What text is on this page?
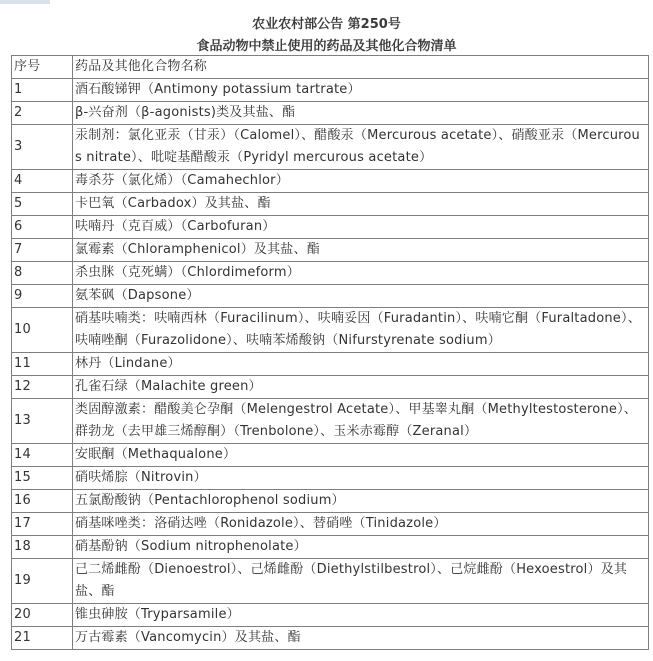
农业农村部公告 第250号
食品动物中禁止使用的药品及其他化合物清单
序号	药品及其他化合物名称
1	酒石酸锑钾（Antimony potassium tartrate）
2	β-兴奋剂（β-agonists)类及其盐、酯
3	汞制剂：氯化亚汞（甘汞）（Calomel）、醋酸汞（Mercurous acetate）、硝酸亚汞（Mercurous nitrate）、吡啶基醋酸汞（Pyridyl mercurous acetate）
4	毒杀芬（氯化烯）（Camahechlor）
5	卡巴氧（Carbadox）及其盐、酯
6	呋喃丹（克百威）（Carbofuran）
7	氯霉素（Chloramphenicol）及其盐、酯
8	杀虫脒（克死螨）（Chlordimeform）
9	氨苯砜（Dapsone）
10	硝基呋喃类：呋喃西林（Furacilinum）、呋喃妥因（Furadantin）、呋喃它酮（Furaltadone）、呋喃唑酮（Furazolidone）、呋喃苯烯酸钠（Nifurstyrenate sodium）
11	林丹（Lindane）
12	孔雀石绿（Malachite green）
13	类固醇激素：醋酸美仑孕酮（Melengestrol Acetate）、甲基睾丸酮（Methyltestosterone）、群勃龙（去甲雄三烯醇酮）（Trenbolone）、玉米赤霉醇（Zeranal）
14	安眠酮（Methaqualone）
15	硝呋烯腙（Nitrovin）
16	五氯酚酸钠（Pentachlorophenol sodium）
17	硝基咪唑类：洛硝达唑（Ronidazole）、替硝唑（Tinidazole）
18	硝基酚钠（Sodium nitrophenolate）
19	己二烯雌酚（Dienoestrol）、己烯雌酚（Diethylstilbestrol）、己烷雌酚（Hexoestrol）及其盐、酯
20	锥虫砷胺（Tryparsamile）
21	万古霉素（Vancomycin）及其盐、酯
